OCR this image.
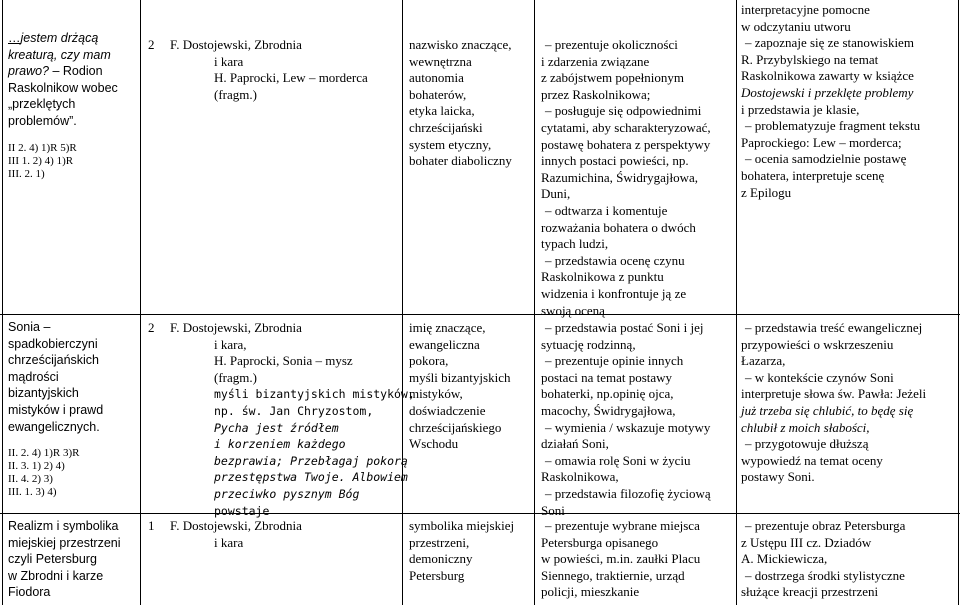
…jestem drżącą
kreaturą, czy mam
prawo? – Rodion
Raskolnikow wobec
„przeklętych
problemów”.
II 2. 4) 1)R 5)R
III 1. 2) 4) 1)R
III. 2. 1)
Sonia –
spadkobierczyni
chrześcijańskich
mądrości
bizantyjskich
mistyków i prawd
ewangelicznych.
II. 2. 4) 1)R 3)R
II. 3. 1) 2) 4)
II. 4. 2) 3)
III. 1. 3) 4)
Realizm i symbolika
miejskiej przestrzeni
czyli Petersburg
w Zbrodni i karze
Fiodora
2 F. Dostojewski, Zbrodnia
i kara
H. Paprocki, Lew – morderca
(fragm.)
2 F. Dostojewski, Zbrodnia
i kara,
H. Paprocki, Sonia – mysz
(fragm.)
myśli bizantyjskich mistyków,
np. św. Jan Chryzostom,
Pycha jest źródłem
i korzeniem każdego
bezprawia; Przebłagaj pokorą
przestępstwa Twoje. Albowiem
przeciwko pysznym Bóg
powstaje
1 F. Dostojewski, Zbrodnia
i kara
nazwisko znaczące,
wewnętrzna
autonomia
bohaterów,
etyka laicka,
chrześcijański
system etyczny,
bohater diaboliczny
imię znaczące,
ewangeliczna
pokora,
myśli bizantyjskich
mistyków,
doświadczenie
chrześcijańskiego
Wschodu
symbolika miejskiej
przestrzeni,
demoniczny
Petersburg
– prezentuje okoliczności
i zdarzenia związane
z zabójstwem popełnionym
przez Raskolnikowa;
– posługuje się odpowiednimi
cytatami, aby scharakteryzować,
postawę bohatera z perspektywy
innych postaci powieści, np.
Razumichina, Świdrygajłowa,
Duni,
– odtwarza i komentuje
rozważania bohatera o dwóch
typach ludzi,
– przedstawia ocenę czynu
Raskolnikowa z punktu
widzenia i konfrontuje ją ze
swoją oceną
– przedstawia postać Soni i jej
sytuację rodzinną,
– prezentuje opinie innych
postaci na temat postawy
bohaterki, np.opinię ojca,
macochy, Świdrygajłowa,
– wymienia / wskazuje motywy
działań Soni,
– omawia rolę Soni w życiu
Raskolnikowa,
– przedstawia filozofię życiową
Soni
– prezentuje wybrane miejsca
Petersburga opisanego
w powieści, m.in. zaułki Placu
Siennego, traktiernie, urząd
policji, mieszkanie
interpretacyjne pomocne
w odczytaniu utworu
– zapoznaje się ze stanowiskiem
R. Przybylskiego na temat
Raskolnikowa zawarty w książce
Dostojewski i przeklęte problemy
i przedstawia je klasie,
– problematyzuje fragment tekstu
Paprockiego: Lew – morderca;
– ocenia samodzielnie postawę
bohatera, interpretuje scenę
z Epilogu
– przedstawia treść ewangelicznej
przypowieści o wskrzeszeniu
Łazarza,
– w kontekście czynów Soni
interpretuje słowa św. Pawła: Jeżeli
już trzeba się chlubić, to będę się
chlubił z moich słabości,
– przygotowuje dłuższą
wypowiedź na temat oceny
postawy Soni.
– prezentuje obraz Petersburga
z Ustępu III cz. Dziadów
A. Mickiewicza,
– dostrzega środki stylistyczne
służące kreacji przestrzeni
